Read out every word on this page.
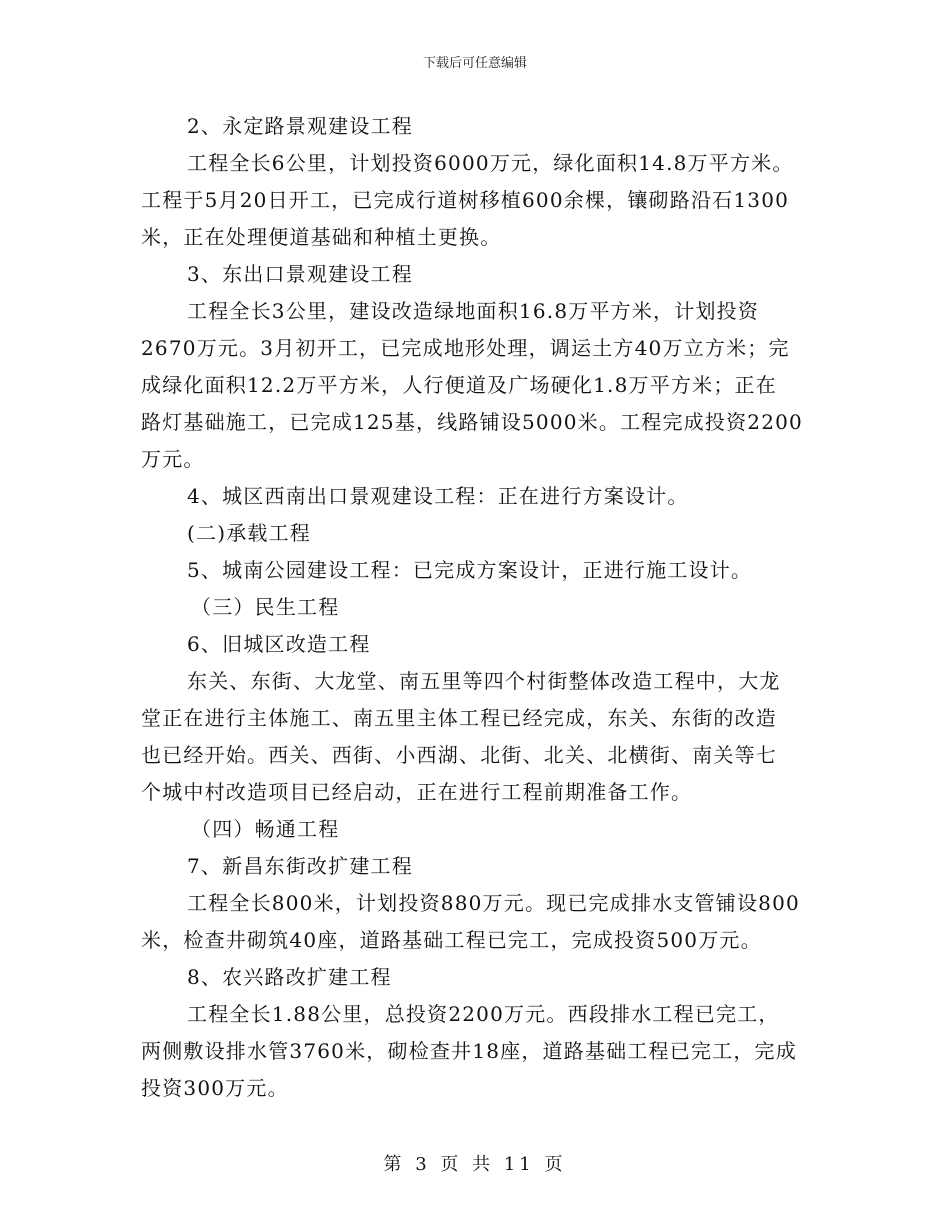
下载后可任意编辑
2、永定路景观建设工程
工程全长6公里，计划投资6000万元，绿化面积14.8万平方米。
工程于5月20日开工，已完成行道树移植600余棵，镶砌路沿石1300
米，正在处理便道基础和种植土更换。
3、东出口景观建设工程
工程全长3公里，建设改造绿地面积16.8万平方米，计划投资
2670万元。3月初开工，已完成地形处理，调运土方40万立方米；完
成绿化面积12.2万平方米，人行便道及广场硬化1.8万平方米；正在
路灯基础施工，已完成125基，线路铺设5000米。工程完成投资2200
万元。
4、城区西南出口景观建设工程：正在进行方案设计。
(二)承载工程
5、城南公园建设工程：已完成方案设计，正进行施工设计。
（三）民生工程
6、旧城区改造工程
东关、东街、大龙堂、南五里等四个村街整体改造工程中，大龙
堂正在进行主体施工、南五里主体工程已经完成，东关、东街的改造
也已经开始。西关、西街、小西湖、北街、北关、北横街、南关等七
个城中村改造项目已经启动，正在进行工程前期准备工作。
（四）畅通工程
7、新昌东街改扩建工程
工程全长800米，计划投资880万元。现已完成排水支管铺设800
米，检查井砌筑40座，道路基础工程已完工，完成投资500万元。
8、农兴路改扩建工程
工程全长1.88公里，总投资2200万元。西段排水工程已完工，
两侧敷设排水管3760米，砌检查井18座，道路基础工程已完工，完成
投资300万元。
第 3 页 共 11 页
